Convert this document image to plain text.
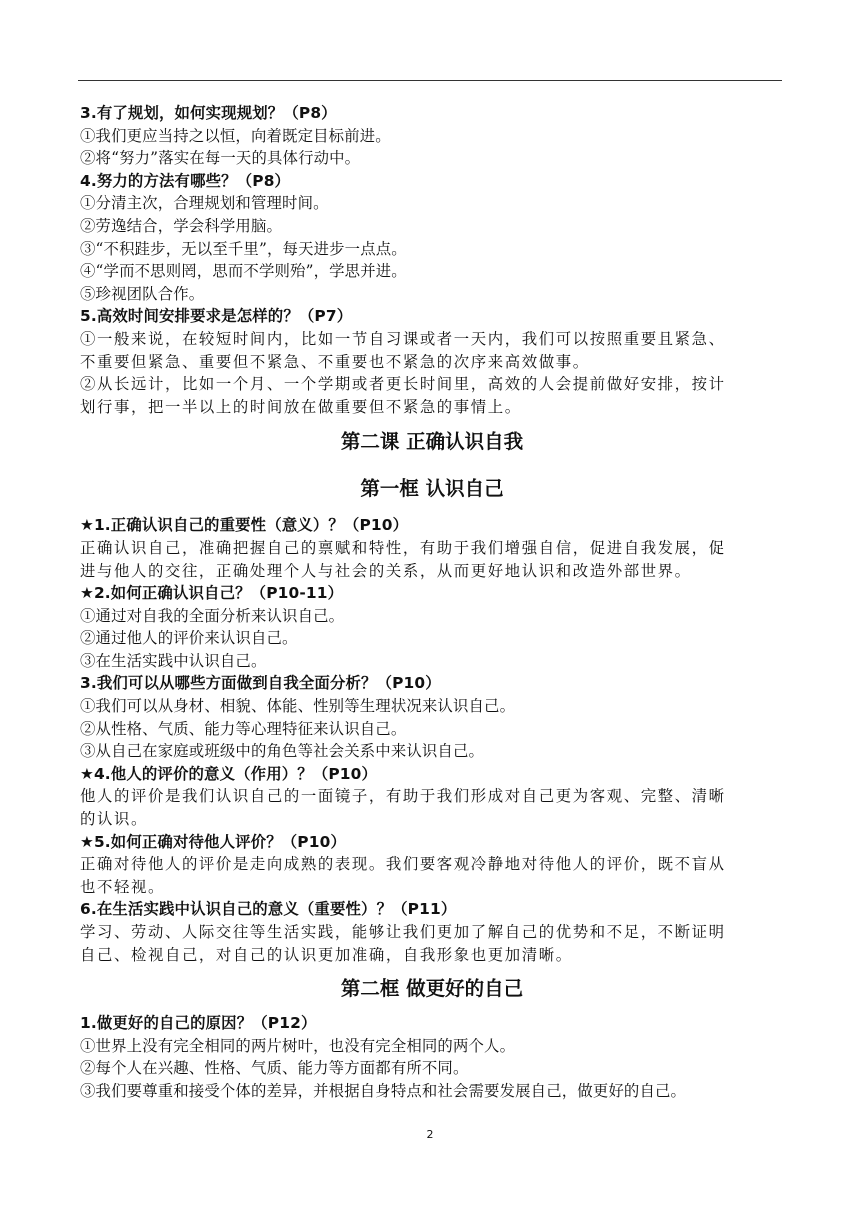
3.有了规划，如何实现规划？（P8）
①我们更应当持之以恒，向着既定目标前进。
②将“努力”落实在每一天的具体行动中。
4.努力的方法有哪些？（P8）
①分清主次，合理规划和管理时间。
②劳逸结合，学会科学用脑。
③“不积跬步，无以至千里”，每天进步一点点。
④“学而不思则罔，思而不学则殆”，学思并进。
⑤珍视团队合作。
5.高效时间安排要求是怎样的？（P7）
①一般来说，在较短时间内，比如一节自习课或者一天内，我们可以按照重要且紧急、
不重要但紧急、重要但不紧急、不重要也不紧急的次序来高效做事。
②从长远计，比如一个月、一个学期或者更长时间里，高效的人会提前做好安排，按计
划行事，把一半以上的时间放在做重要但不紧急的事情上。
第二课 正确认识自我
第一框 认识自己
★1.正确认识自己的重要性（意义）？（P10）
正确认识自己，准确把握自己的禀赋和特性，有助于我们增强自信，促进自我发展，促
进与他人的交往，正确处理个人与社会的关系，从而更好地认识和改造外部世界。
★2.如何正确认识自己？（P10-11）
①通过对自我的全面分析来认识自己。
②通过他人的评价来认识自己。
③在生活实践中认识自己。
3.我们可以从哪些方面做到自我全面分析？（P10）
①我们可以从身材、相貌、体能、性别等生理状况来认识自己。
②从性格、气质、能力等心理特征来认识自己。
③从自己在家庭或班级中的角色等社会关系中来认识自己。
★4.他人的评价的意义（作用）？（P10）
他人的评价是我们认识自己的一面镜子，有助于我们形成对自己更为客观、完整、清晰
的认识。
★5.如何正确对待他人评价？（P10）
正确对待他人的评价是走向成熟的表现。我们要客观冷静地对待他人的评价，既不盲从
也不轻视。
6.在生活实践中认识自己的意义（重要性）？（P11）
学习、劳动、人际交往等生活实践，能够让我们更加了解自己的优势和不足，不断证明
自己、检视自己，对自己的认识更加准确，自我形象也更加清晰。
第二框 做更好的自己
1.做更好的自己的原因？（P12）
①世界上没有完全相同的两片树叶，也没有完全相同的两个人。
②每个人在兴趣、性格、气质、能力等方面都有所不同。
③我们要尊重和接受个体的差异，并根据自身特点和社会需要发展自己，做更好的自己。
2
